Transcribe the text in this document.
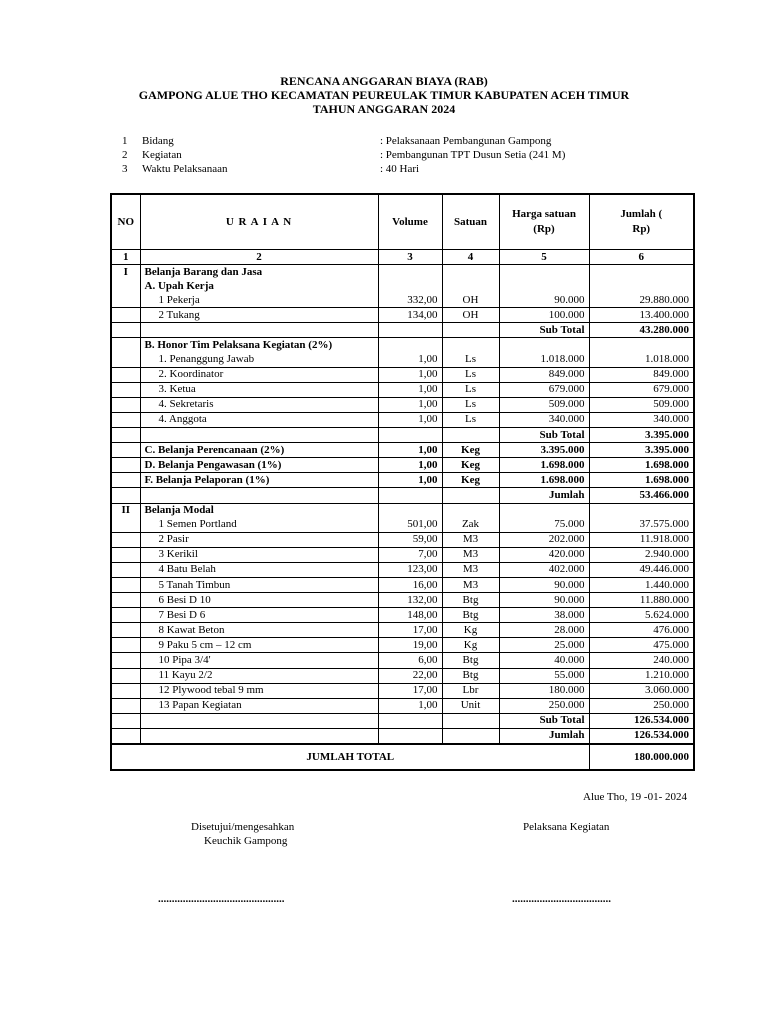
RENCANA ANGGARAN BIAYA (RAB)
GAMPONG ALUE THO KECAMATAN PEUREULAK TIMUR KABUPATEN ACEH TIMUR
TAHUN ANGGARAN 2024
1 Bidang	: Pelaksanaan Pembangunan Gampong
2 Kegiatan	: Pembangunan TPT Dusun Setia (241 M)
3 Waktu Pelaksanaan	: 40 Hari
NO	U R A I A N	Volume	Satuan	Harga satuan (Rp)	Jumlah ( Rp)
1	2	3	4	5	6
I	Belanja Barang dan Jasa				
	A. Upah Kerja				
	1 Pekerja	332,00	OH	90.000	29.880.000
	2 Tukang	134,00	OH	100.000	13.400.000
				Sub Total	43.280.000
	B. Honor Tim Pelaksana Kegiatan (2%)				
	1. Penanggung Jawab	1,00	Ls	1.018.000	1.018.000
	2. Koordinator	1,00	Ls	849.000	849.000
	3. Ketua	1,00	Ls	679.000	679.000
	4. Sekretaris	1,00	Ls	509.000	509.000
	4. Anggota	1,00	Ls	340.000	340.000
				Sub Total	3.395.000
	C. Belanja Perencanaan (2%)	1,00	Keg	3.395.000	3.395.000
	D. Belanja Pengawasan (1%)	1,00	Keg	1.698.000	1.698.000
	F. Belanja Pelaporan (1%)	1,00	Keg	1.698.000	1.698.000
				Jumlah	53.466.000
II	Belanja Modal				
	1 Semen Portland	501,00	Zak	75.000	37.575.000
	2 Pasir	59,00	M3	202.000	11.918.000
	3 Kerikil	7,00	M3	420.000	2.940.000
	4 Batu Belah	123,00	M3	402.000	49.446.000
	5 Tanah Timbun	16,00	M3	90.000	1.440.000
	6 Besi D 10	132,00	Btg	90.000	11.880.000
	7 Besi D 6	148,00	Btg	38.000	5.624.000
	8 Kawat Beton	17,00	Kg	28.000	476.000
	9 Paku 5 cm – 12 cm	19,00	Kg	25.000	475.000
	10 Pipa 3/4'	6,00	Btg	40.000	240.000
	11 Kayu 2/2	22,00	Btg	55.000	1.210.000
	12 Plywood tebal 9 mm	17,00	Lbr	180.000	3.060.000
	13 Papan Kegiatan	1,00	Unit	250.000	250.000
				Sub Total	126.534.000
				Jumlah	126.534.000
JUMLAH TOTAL					180.000.000
Alue Tho, 19 -01- 2024
Disetujui/mengesahkan
Keuchik Gampong
Pelaksana Kegiatan
..............................................	....................................
